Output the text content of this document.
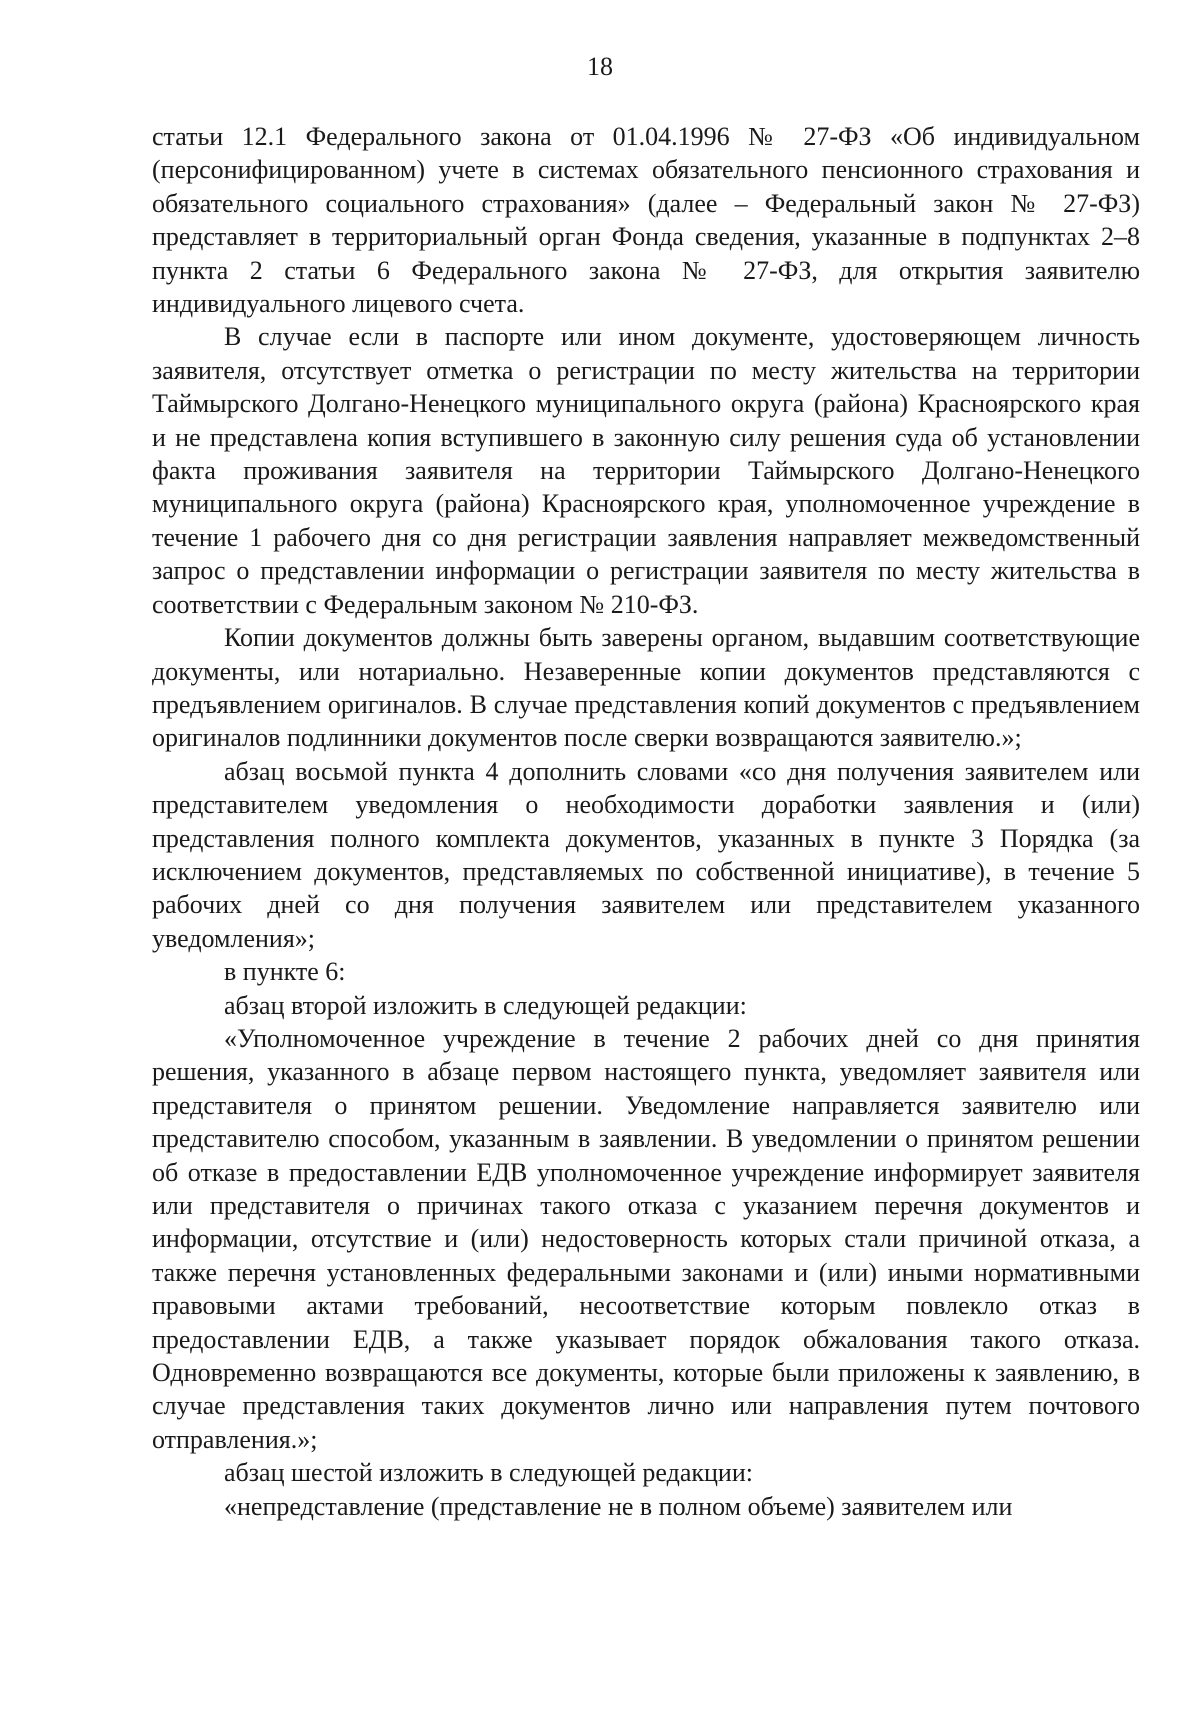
18

статьи 12.1 Федерального закона от 01.04.1996 № 27-ФЗ «Об индивидуальном (персонифицированном) учете в системах обязательного пенсионного страхования и обязательного социального страхования» (далее – Федеральный закон № 27-ФЗ) представляет в территориальный орган Фонда сведения, указанные в подпунктах 2–8 пункта 2 статьи 6 Федерального закона № 27-ФЗ, для открытия заявителю индивидуального лицевого счета.

В случае если в паспорте или ином документе, удостоверяющем личность заявителя, отсутствует отметка о регистрации по месту жительства на территории Таймырского Долгано-Ненецкого муниципального округа (района) Красноярского края и не представлена копия вступившего в законную силу решения суда об установлении факта проживания заявителя на территории Таймырского Долгано-Ненецкого муниципального округа (района) Красноярского края, уполномоченное учреждение в течение 1 рабочего дня со дня регистрации заявления направляет межведомственный запрос о представлении информации о регистрации заявителя по месту жительства в соответствии с Федеральным законом № 210-ФЗ.

Копии документов должны быть заверены органом, выдавшим соответствующие документы, или нотариально. Незаверенные копии документов представляются с предъявлением оригиналов. В случае представления копий документов с предъявлением оригиналов подлинники документов после сверки возвращаются заявителю.»;

абзац восьмой пункта 4 дополнить словами «со дня получения заявителем или представителем уведомления о необходимости доработки заявления и (или) представления полного комплекта документов, указанных в пункте 3 Порядка (за исключением документов, представляемых по собственной инициативе), в течение 5 рабочих дней со дня получения заявителем или представителем указанного уведомления»;

в пункте 6:

абзац второй изложить в следующей редакции:

«Уполномоченное учреждение в течение 2 рабочих дней со дня принятия решения, указанного в абзаце первом настоящего пункта, уведомляет заявителя или представителя о принятом решении. Уведомление направляется заявителю или представителю способом, указанным в заявлении. В уведомлении о принятом решении об отказе в предоставлении ЕДВ уполномоченное учреждение информирует заявителя или представителя о причинах такого отказа с указанием перечня документов и информации, отсутствие и (или) недостоверность которых стали причиной отказа, а также перечня установленных федеральными законами и (или) иными нормативными правовыми актами требований, несоответствие которым повлекло отказ в предоставлении ЕДВ, а также указывает порядок обжалования такого отказа. Одновременно возвращаются все документы, которые были приложены к заявлению, в случае представления таких документов лично или направления путем почтового отправления.»;

абзац шестой изложить в следующей редакции:

«непредставление (представление не в полном объеме) заявителем или
